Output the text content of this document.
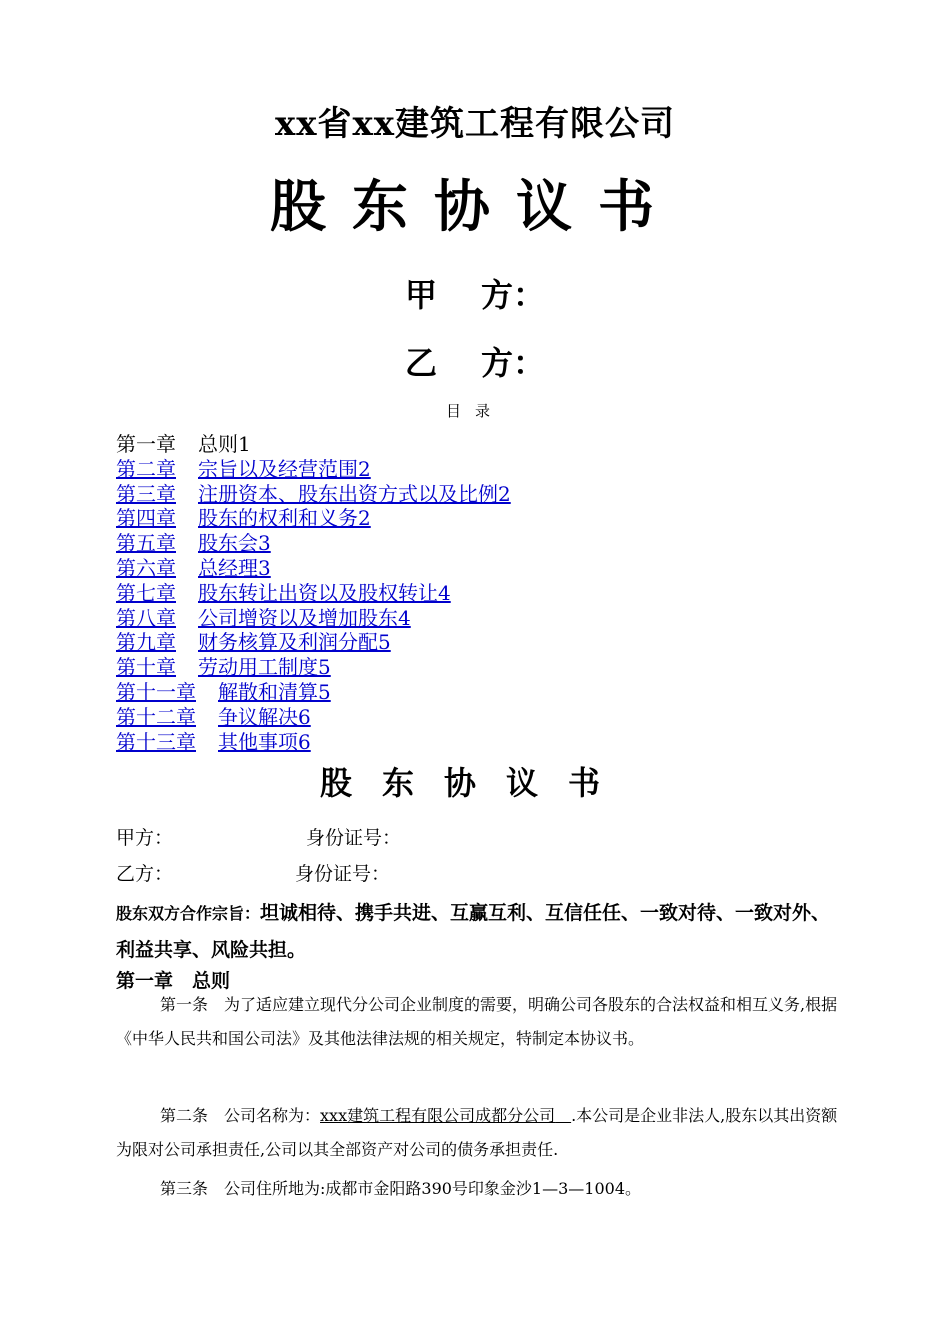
xx省xx建筑工程有限公司
股东协议书
甲 方：
乙 方：
目录
第一章 总则1
第二章 宗旨以及经营范围2
第三章 注册资本、股东出资方式以及比例2
第四章 股东的权利和义务2
第五章 股东会3
第六章 总经理3
第七章 股东转让出资以及股权转让4
第八章 公司增资以及增加股东4
第九章 财务核算及利润分配5
第十章 劳动用工制度5
第十一章 解散和清算5
第十二章 争议解决6
第十三章 其他事项6
股东协议书
甲方：	身份证号：
乙方：	身份证号：
股东双方合作宗旨：坦诚相待、携手共进、互赢互利、互信任任、一致对待、一致对外、利益共享、风险共担。
第一章　总则
第一条　为了适应建立现代分公司企业制度的需要，明确公司各股东的合法权益和相互义务,根据《中华人民共和国公司法》及其他法律法规的相关规定，特制定本协议书。
第二条　公司名称为：xxx建筑工程有限公司成都分公司  .本公司是企业非法人,股东以其出资额为限对公司承担责任,公司以其全部资产对公司的债务承担责任.
第三条　公司住所地为:成都市金阳路390号印象金沙1—3—1004。
